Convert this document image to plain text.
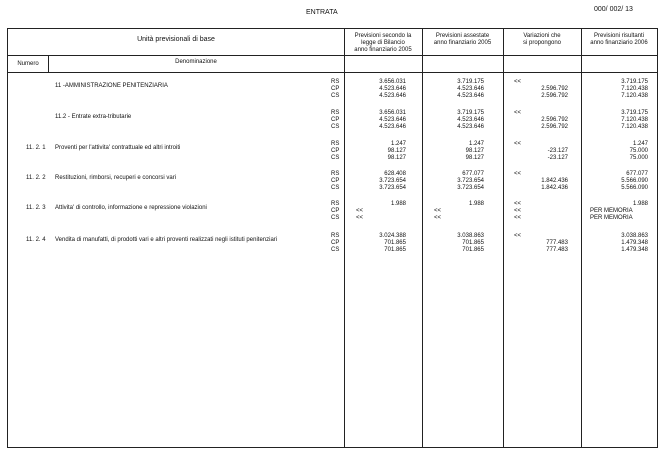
ENTRATA	000/ 002/ 13
Unità previsionali di base
Numero	Denominazione
Previsioni secondo la
legge di Bilancio
anno finanziario 2005
Previsioni assestate
anno finanziario 2005
Variazioni che
si propongono
Previsioni risultanti
anno finanziario 2006
11 -AMMINISTRAZIONE PENITENZIARIA
RS	3.656.031	3.719.175	<<	3.719.175
CP	4.523.646	4.523.646	2.596.792	7.120.438
CS	4.523.646	4.523.646	2.596.792	7.120.438
11.2 - Entrate extra-tributarie
RS	3.656.031	3.719.175	<<	3.719.175
CP	4.523.646	4.523.646	2.596.792	7.120.438
CS	4.523.646	4.523.646	2.596.792	7.120.438
11. 2. 1 Proventi per l'attivita' contrattuale ed altri introiti
RS	1.247	1.247	<<	1.247
CP	98.127	98.127	-23.127	75.000
CS	98.127	98.127	-23.127	75.000
11. 2. 2 Restituzioni, rimborsi, recuperi e concorsi vari
RS	628.408	677.077	<<	677.077
CP	3.723.654	3.723.654	1.842.436	5.566.090
CS	3.723.654	3.723.654	1.842.436	5.566.090
11. 2. 3 Attivita' di controllo, informazione e repressione violazioni
RS	1.988	1.988	<<	1.988
CP	<<	<<	<<	PER MEMORIA
CS	<<	<<	<<	PER MEMORIA
11. 2. 4 Vendita di manufatti, di prodotti vari e altri proventi realizzati negli istituti penitenziari
RS	3.024.388	3.038.863	<<	3.038.863
CP	701.865	701.865	777.483	1.479.348
CS	701.865	701.865	777.483	1.479.348
